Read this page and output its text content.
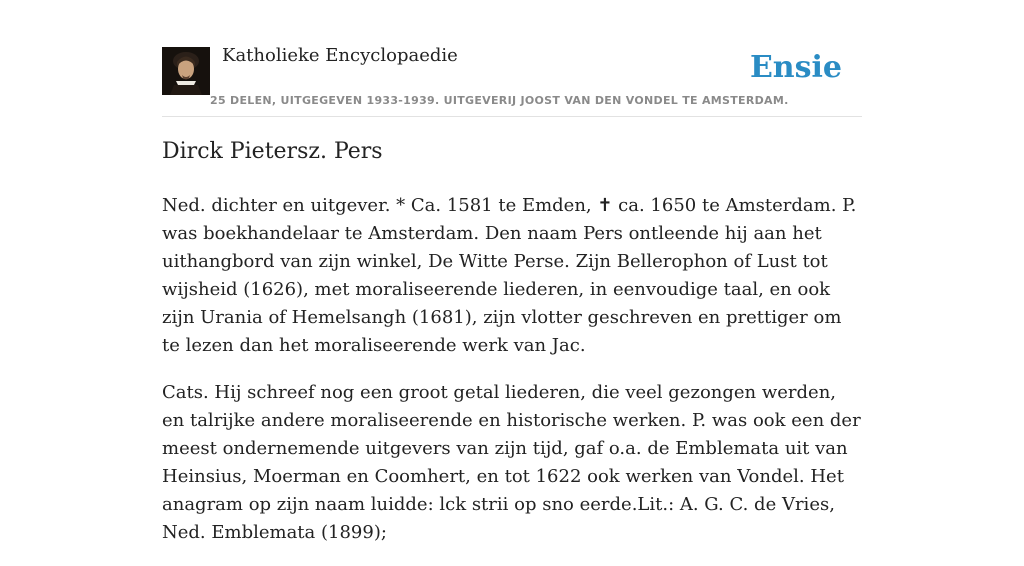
Katholieke Encyclopaedie
25 DELEN, UITGEGEVEN 1933-1939. UITGEVERIJ JOOST VAN DEN VONDEL TE AMSTERDAM.
Ensie
Dirck Pietersz. Pers

Ned. dichter en uitgever. * Ca. 1581 te Emden, ✝ ca. 1650 te Amsterdam. P. was boekhandelaar te Amsterdam. Den naam Pers ontleende hij aan het uithangbord van zijn winkel, De Witte Perse. Zijn Bellerophon of Lust tot wijsheid (1626), met moraliseerende liederen, in eenvoudige taal, en ook zijn Urania of Hemelsangh (1681), zijn vlotter geschreven en prettiger om te lezen dan het moraliseerende werk van Jac.

Cats. Hij schreef nog een groot getal liederen, die veel gezongen werden, en talrijke andere moraliseerende en historische werken. P. was ook een der meest ondernemende uitgevers van zijn tijd, gaf o.a. de Emblemata uit van Heinsius, Moerman en Coomhert, en tot 1622 ook werken van Vondel. Het anagram op zijn naam luidde: lck strii op sno eerde.Lit.: A. G. C. de Vries, Ned. Emblemata (1899);
